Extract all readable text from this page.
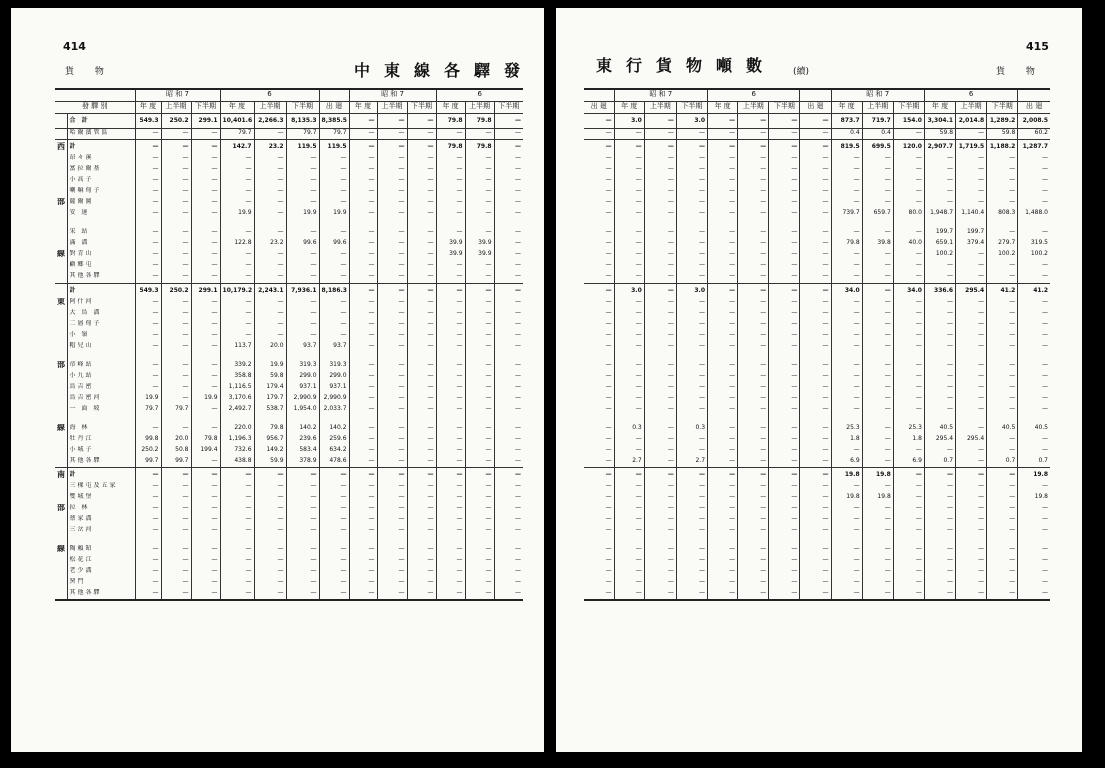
414
貨 物	中東線各驛發
		昭 和 7			6				昭 和 7			6		
發 驛 別		年 度	上半期	下半期	年 度	上半期	下半期	出 廻	年 度	上半期	下半期	年 度	上半期	下半期
	合 計	549.3	250.2	299.1	10,401.6	2,266.3	8,135.3	8,385.5	—	—	—	79.8	79.8	—
	哈爾濱管區	—	—	—	79.7	—	79.7	79.7	—	—	—	—	—	—
西	計	—	—	—	142.7	23.2	119.5	119.5	—	—	—	79.8	79.8	—
	昂々溪	—	—	—	—	—	—	—	—	—	—	—	—	—
	富拉爾基	—	—	—	—	—	—	—	—	—	—	—	—	—
	小高子	—	—	—	—	—	—	—	—	—	—	—	—	—
	喇嘛甸子	—	—	—	—	—	—	—	—	—	—	—	—	—
部	薩爾圖	—	—	—	—	—	—	—	—	—	—	—	—	—
	安 達	—	—	—	19.9	—	19.9	19.9	—	—	—	—	—	—

	宋 站	—	—	—	—	—	—	—	—	—	—	—	—	—
	滿 溝	—	—	—	122.8	23.2	99.6	99.6	—	—	—	39.9	39.9	—
線	對青山	—	—	—	—	—	—	—	—	—	—	39.9	39.9	—
	顧鄉屯	—	—	—	—	—	—	—	—	—	—	—	—	—
	其他各驛	—	—	—	—	—	—	—	—	—	—	—	—	—
	計	549.3	250.2	299.1	10,179.2	2,243.1	7,936.1	8,186.3	—	—	—	—	—	—
東	阿什河	—	—	—	—	—	—	—	—	—	—	—	—	—
	大 烏 溝	—	—	—	—	—	—	—	—	—	—	—	—	—
	二層甸子	—	—	—	—	—	—	—	—	—	—	—	—	—
	小 嶺	—	—	—	—	—	—	—	—	—	—	—	—	—
	帽兒山	—	—	—	113.7	20.0	93.7	93.7	—	—	—	—	—	—

部	帝峰站	—	—	—	339.2	19.9	319.3	319.3	—	—	—	—	—	—
	小九站	—	—	—	358.8	59.8	299.0	299.0	—	—	—	—	—	—
	烏吉密	—	—	—	1,116.5	179.4	937.1	937.1	—	—	—	—	—	—
	烏吉密河	19.9	—	19.9	3,170.6	179.7	2,990.9	2,990.9	—	—	—	—	—	—
	一 面 坡	79.7	79.7	—	2,492.7	538.7	1,954.0	2,033.7	—	—	—	—	—	—

線	海 林	—	—	—	220.0	79.8	140.2	140.2	—	—	—	—	—	—
	牡丹江	99.8	20.0	79.8	1,196.3	956.7	239.6	259.6	—	—	—	—	—	—
	小城子	250.2	50.8	199.4	732.6	149.2	583.4	634.2	—	—	—	—	—	—
	其他各驛	99.7	99.7	—	438.8	59.9	378.9	478.6	—	—	—	—	—	—
南	計	—	—	—	—	—	—	—	—	—	—	—	—	—
	三棵屯及五家	—	—	—	—	—	—	—	—	—	—	—	—	—
	雙城堡	—	—	—	—	—	—	—	—	—	—	—	—	—
部	拉 林	—	—	—	—	—	—	—	—	—	—	—	—	—
	蔡家溝	—	—	—	—	—	—	—	—	—	—	—	—	—
	三岔河	—	—	—	—	—	—	—	—	—	—	—	—	—

線	陶賴昭	—	—	—	—	—	—	—	—	—	—	—	—	—
	松花江	—	—	—	—	—	—	—	—	—	—	—	—	—
	老少溝	—	—	—	—	—	—	—	—	—	—	—	—	—
	窯門	—	—	—	—	—	—	—	—	—	—	—	—	—
	其他各驛	—	—	—	—	—	—	—	—	—	—	—	—	—
東行貨物噸數 (續)
415
貨 物
	昭 和 7			6				昭 和 7			6			
出 廻	年 度	上半期	下半期	年 度	上半期	下半期	出 廻	年 度	上半期	下半期	年 度	上半期	下半期	出 廻
—	3.0	—	3.0	—	—	—	—	873.7	719.7	154.0	3,304.1	2,014.8	1,289.2	2,008.5
—	—	—	—	—	—	—	—	0.4	0.4	—	59.8	—	59.8	60.2
—	—	—	—	—	—	—	—	819.5	699.5	120.0	2,907.7	1,719.5	1,188.2	1,287.7
—	—	—	—	—	—	—	—	—	—	—	—	—	—	—
—	—	—	—	—	—	—	—	—	—	—	—	—	—	—
—	—	—	—	—	—	—	—	—	—	—	—	—	—	—
—	—	—	—	—	—	—	—	—	—	—	—	—	—	—
—	—	—	—	—	—	—	—	—	—	—	—	—	—	—
—	—	—	—	—	—	—	—	739.7	659.7	80.0	1,948.7	1,140.4	808.3	1,488.0

—	—	—	—	—	—	—	—	—	—	—	199.7	199.7	—	—
—	—	—	—	—	—	—	—	79.8	39.8	40.0	659.1	379.4	279.7	319.5
—	—	—	—	—	—	—	—	—	—	—	100.2	—	100.2	100.2
—	—	—	—	—	—	—	—	—	—	—	—	—	—	—
—	—	—	—	—	—	—	—	—	—	—	—	—	—	—
—	3.0	—	3.0	—	—	—	—	34.0	—	34.0	336.6	295.4	41.2	41.2
—	—	—	—	—	—	—	—	—	—	—	—	—	—	—
—	—	—	—	—	—	—	—	—	—	—	—	—	—	—
—	—	—	—	—	—	—	—	—	—	—	—	—	—	—
—	—	—	—	—	—	—	—	—	—	—	—	—	—	—
—	—	—	—	—	—	—	—	—	—	—	—	—	—	—

—	—	—	—	—	—	—	—	—	—	—	—	—	—	—
—	—	—	—	—	—	—	—	—	—	—	—	—	—	—
—	—	—	—	—	—	—	—	—	—	—	—	—	—	—
—	—	—	—	—	—	—	—	—	—	—	—	—	—	—
—	—	—	—	—	—	—	—	—	—	—	—	—	—	—

—	0.3	—	0.3	—	—	—	—	25.3	—	25.3	40.5	—	40.5	40.5
—	—	—	—	—	—	—	—	1.8	—	1.8	295.4	295.4	—	—
—	—	—	—	—	—	—	—	—	—	—	—	—	—	—
—	2.7	—	2.7	—	—	—	—	6.9	—	6.9	0.7	—	0.7	0.7
—	—	—	—	—	—	—	—	19.8	19.8	—	—	—	—	19.8
—	—	—	—	—	—	—	—	—	—	—	—	—	—	—
—	—	—	—	—	—	—	—	19.8	19.8	—	—	—	—	19.8
—	—	—	—	—	—	—	—	—	—	—	—	—	—	—
—	—	—	—	—	—	—	—	—	—	—	—	—	—	—
—	—	—	—	—	—	—	—	—	—	—	—	—	—	—

—	—	—	—	—	—	—	—	—	—	—	—	—	—	—
—	—	—	—	—	—	—	—	—	—	—	—	—	—	—
—	—	—	—	—	—	—	—	—	—	—	—	—	—	—
—	—	—	—	—	—	—	—	—	—	—	—	—	—	—
—	—	—	—	—	—	—	—	—	—	—	—	—	—	—
